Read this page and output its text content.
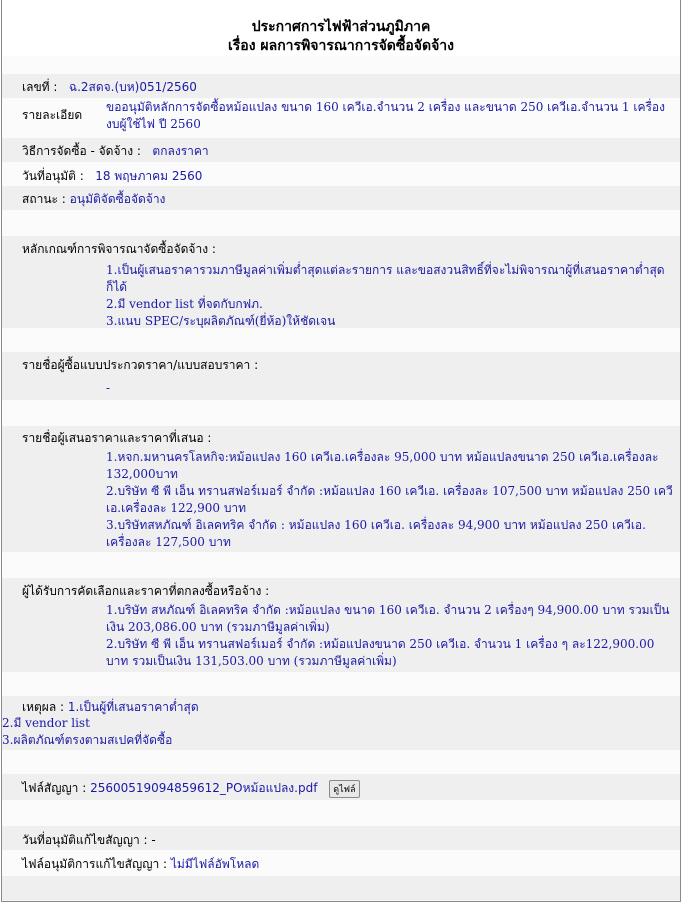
ประกาศการไฟฟ้าส่วนภูมิภาค
เรื่อง ผลการพิจารณาการจัดซื้อจัดจ้าง
เลขที่ : ฉ.2สดจ.(บห)051/2560
รายละเอียด
ขออนุมัติหลักการจัดซื้อหม้อแปลง ขนาด 160 เควีเอ.จำนวน 2 เครื่อง และขนาด 250 เควีเอ.จำนวน 1 เครื่อง งบผู้ใช้ไฟ ปี 2560
วิธีการจัดซื้อ - จัดจ้าง : ตกลงราคา
วันที่อนุมัติ : 18 พฤษภาคม 2560
สถานะ : อนุมัติจัดซื้อจัดจ้าง
หลักเกณฑ์การพิจารณาจัดซื้อจัดจ้าง :
1.เป็นผู้เสนอราคารวมภาษีมูลค่าเพิ่มต่ำสุดแต่ละรายการ และขอสงวนสิทธิ์ที่จะไม่พิจารณาผู้ที่เสนอราคาต่ำสุดก็ได้
2.มี vendor list ที่จดกับกฟภ.
3.แนบ SPEC/ระบุผลิตภัณฑ์(ยี่ห้อ)ให้ชัดเจน
รายชื่อผู้ซื้อแบบประกวดราคา/แบบสอบราคา :
-
รายชื่อผู้เสนอราคาและราคาที่เสนอ :
1.หจก.มหานครโลหกิจ:หม้อแปลง 160 เควีเอ.เครื่องละ 95,000 บาท หม้อแปลงขนาด 250 เควีเอ.เครื่องละ 132,000บาท
2.บริษัท ซี พี เอ็น ทรานสฟอร์เมอร์ จำกัด :หม้อแปลง 160 เควีเอ. เครื่องละ 107,500 บาท หม้อแปลง 250 เควีเอ.เครื่องละ 122,900 บาท
3.บริษัทสหภัณฑ์ อิเลคทริค จำกัด : หม้อแปลง 160 เควีเอ. เครื่องละ 94,900 บาท หม้อแปลง 250 เควีเอ. เครื่องละ 127,500 บาท
ผู้ได้รับการคัดเลือกและราคาที่ตกลงซื้อหรือจ้าง :
1.บริษัท สหภัณฑ์ อิเลคทริค จำกัด :หม้อแปลง ขนาด 160 เควีเอ. จำนวน 2 เครื่องๆ 94,900.00 บาท รวมเป็นเงิน 203,086.00 บาท (รวมภาษีมูลค่าเพิ่ม)
2.บริษัท ซี พี เอ็น ทรานสฟอร์เมอร์ จำกัด :หม้อแปลงขนาด 250 เควีเอ. จำนวน 1 เครื่อง ๆ ละ122,900.00 บาท รวมเป็นเงิน 131,503.00 บาท (รวมภาษีมูลค่าเพิ่ม)
เหตุผล : 1.เป็นผู้ที่เสนอราคาต่ำสุด
2.มี vendor list
3.ผลิตภัณฑ์ตรงตามสเปคที่จัดซื้อ
ไฟล์สัญญา : 25600519094859612_POหม้อแปลง.pdf ดูไฟล์
วันที่อนุมัติแก้ไขสัญญา : -
ไฟล์อนุมัติการแก้ไขสัญญา : ไม่มีไฟล์อัพโหลด
